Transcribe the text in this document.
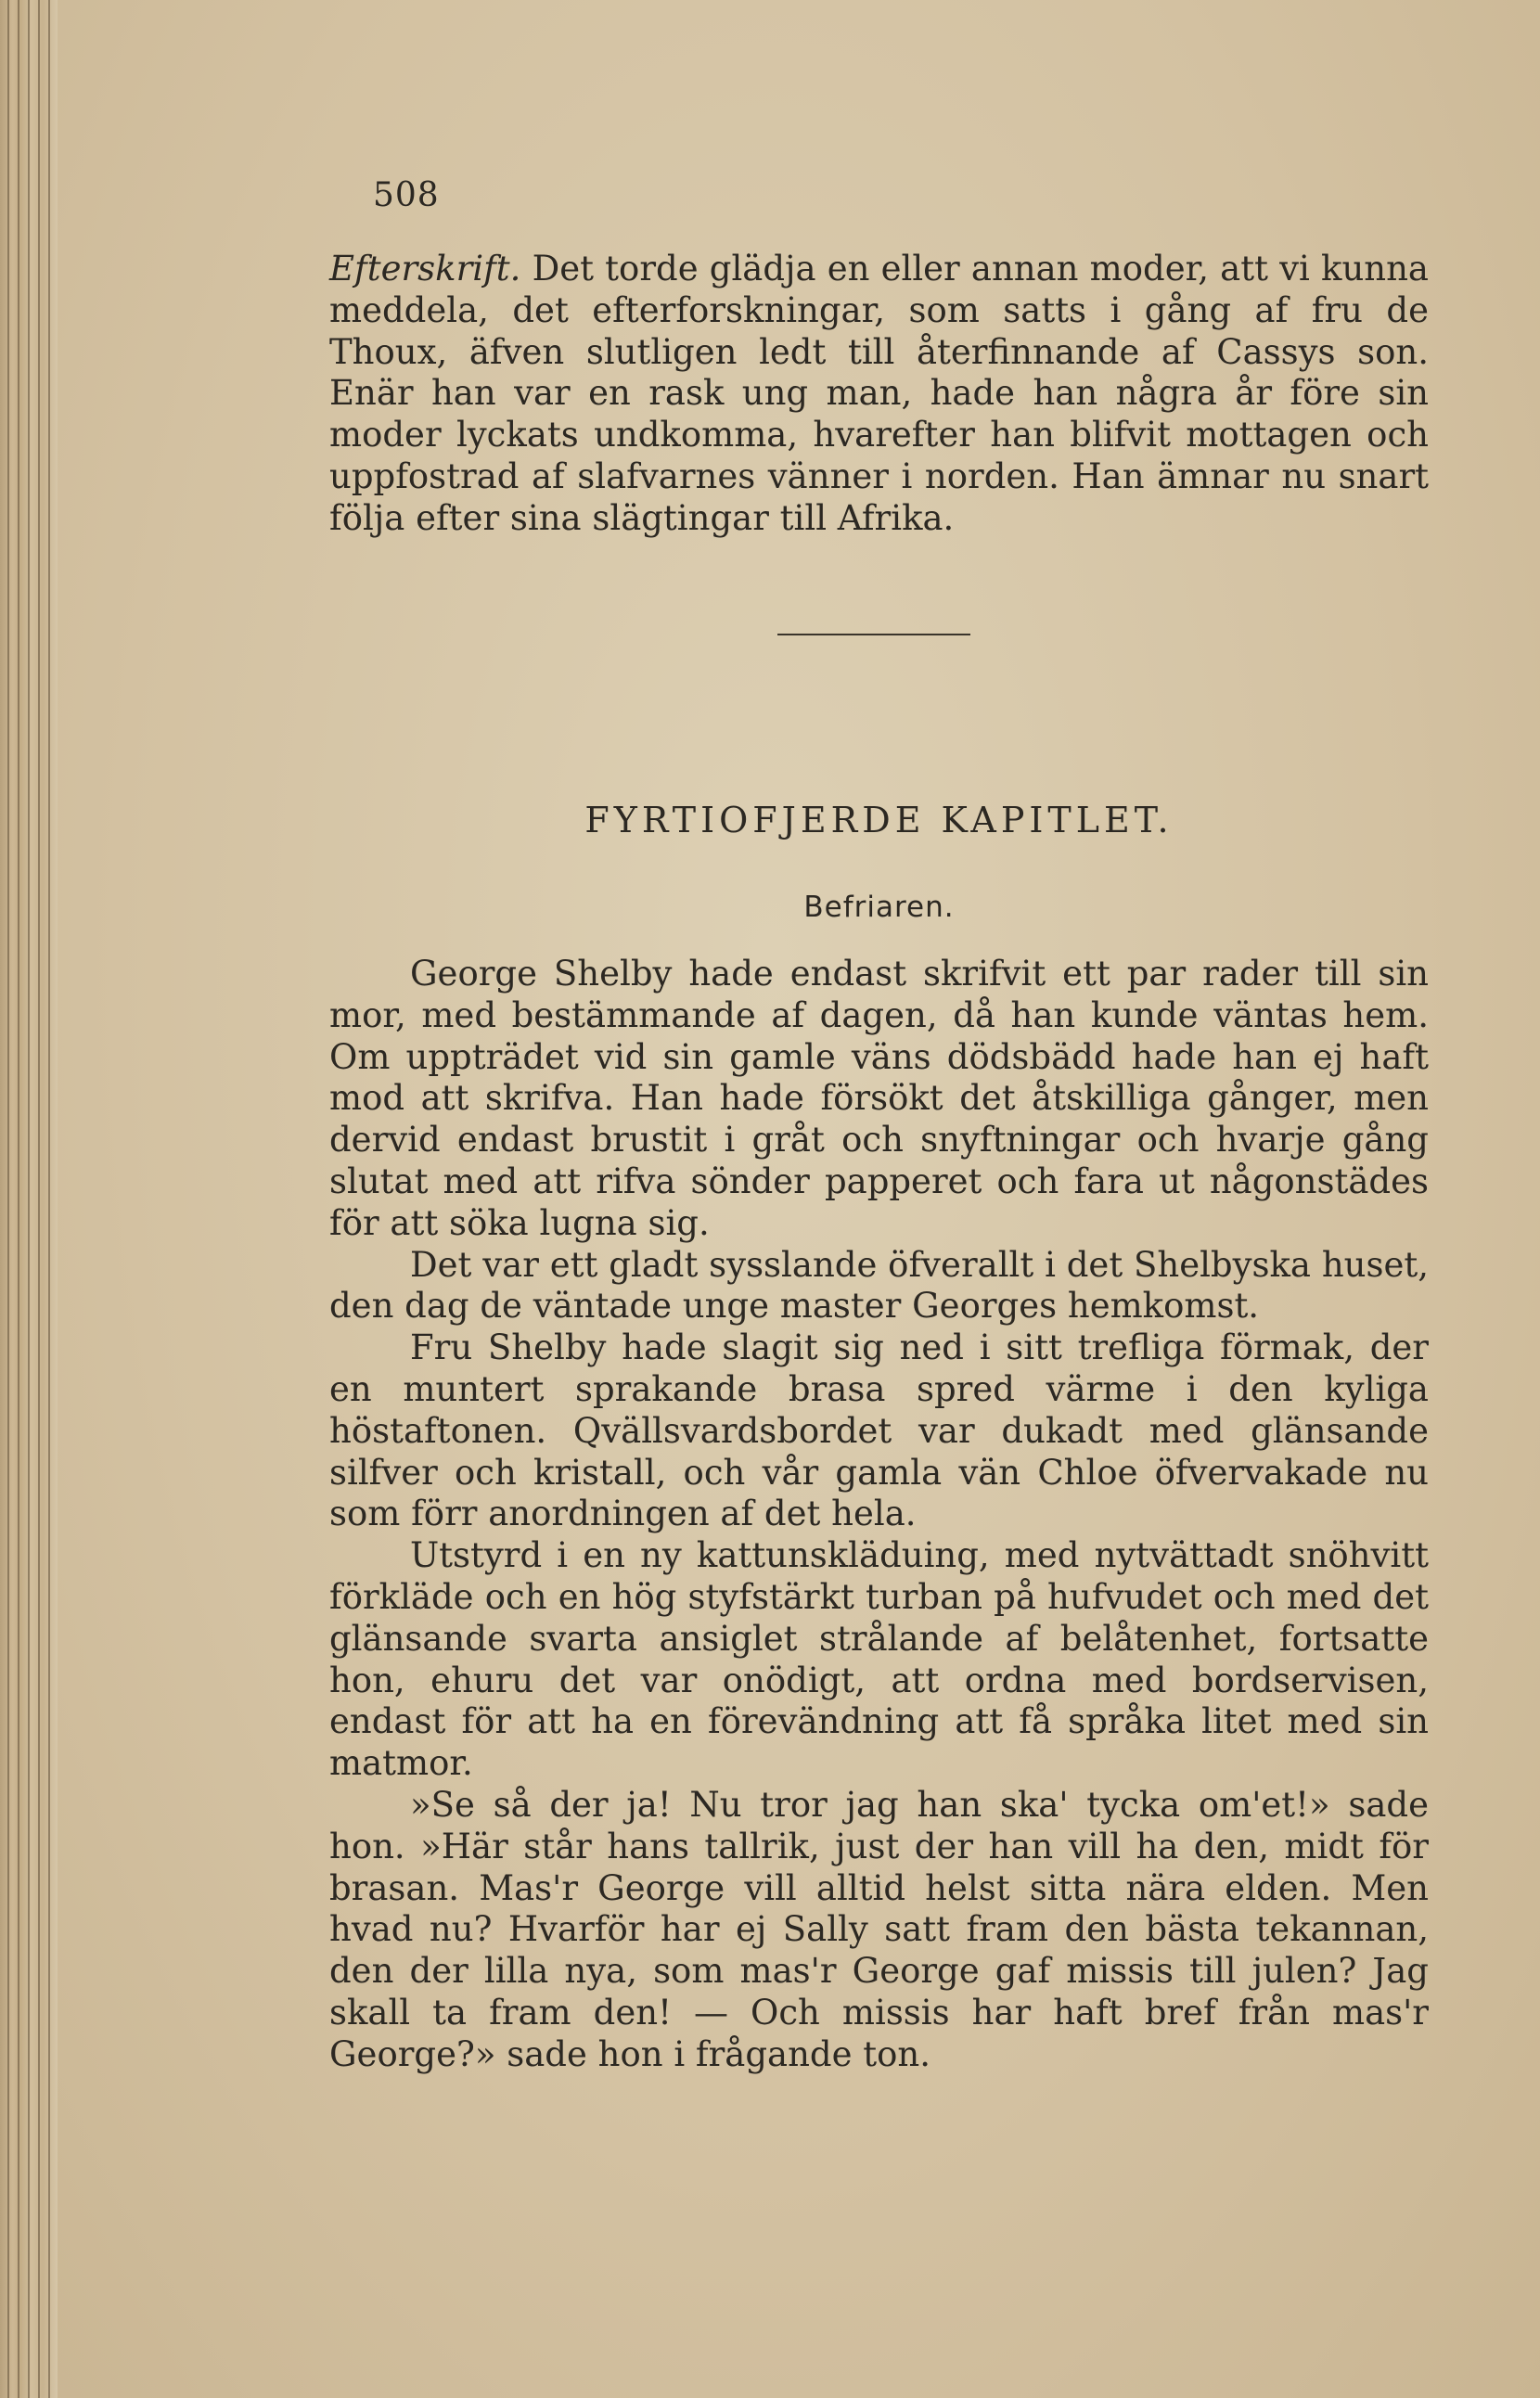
508

Efterskrift. Det torde glädja en eller annan moder, att vi kunna meddela, det efterforskningar, som satts i gång af fru de Thoux, äfven slutligen ledt till återfinnande af Cassys son. Enär han var en rask ung man, hade han några år före sin moder lyckats undkomma, hvarefter han blifvit mottagen och uppfostrad af slafvarnes vänner i norden. Han ämnar nu snart följa efter sina slägtingar till Afrika.

FYRTIOFJERDE KAPITLET.
Befriaren.

George Shelby hade endast skrifvit ett par rader till sin mor, med bestämmande af dagen, då han kunde väntas hem. Om uppträdet vid sin gamle väns dödsbädd hade han ej haft mod att skrifva. Han hade försökt det åtskilliga gånger, men dervid endast brustit i gråt och snyftningar och hvarje gång slutat med att rifva sönder papperet och fara ut någonstädes för att söka lugna sig.

Det var ett gladt sysslande öfverallt i det Shelbyska huset, den dag de väntade unge master Georges hemkomst.

Fru Shelby hade slagit sig ned i sitt trefliga förmak, der en muntert sprakande brasa spred värme i den kyliga höstaftonen. Qvällsvardsbordet var dukadt med glänsande silfver och kristall, och vår gamla vän Chloe öfvervakade nu som förr anordningen af det hela.

Utstyrd i en ny kattunskläduing, med nytvättadt snöhvitt förkläde och en hög styfstärkt turban på hufvudet och med det glänsande svarta ansiglet strålande af belåtenhet, fortsatte hon, ehuru det var onödigt, att ordna med bordservisen, endast för att ha en förevändning att få språka litet med sin matmor.

»Se så der ja! Nu tror jag han ska' tycka om'et!» sade hon. »Här står hans tallrik, just der han vill ha den, midt för brasan. Mas'r George vill alltid helst sitta nära elden. Men hvad nu? Hvarför har ej Sally satt fram den bästa tekannan, den der lilla nya, som mas'r George gaf missis till julen? Jag skall ta fram den! — Och missis har haft bref från mas'r George?» sade hon i frågande ton.
